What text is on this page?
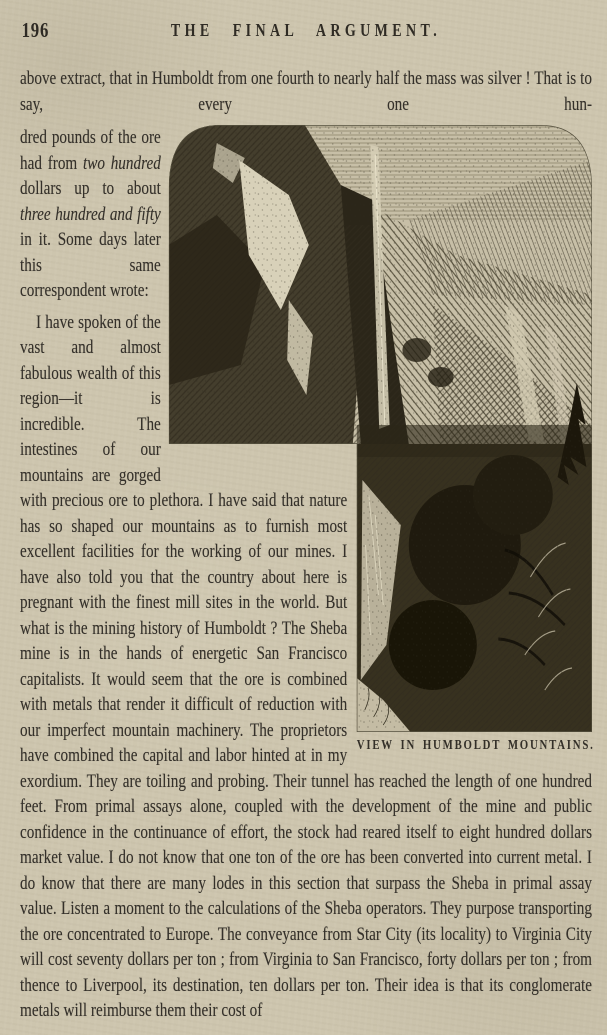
196	THE FINAL ARGUMENT.

above extract, that in Humboldt from one fourth to nearly half the mass was silver ! That is to say, every one hun-

VIEW IN HUMBOLDT MOUNTAINS.

dred pounds of the ore had from two hundred dollars up to about three hundred and fifty in it. Some days later this same correspondent wrote:

I have spoken of the vast and almost fabulous wealth of this region—it is incredible. The intestines of our mountains are gorged with precious ore to plethora. I have said that nature has so shaped our mountains as to furnish most excellent facilities for the working of our mines. I have also told you that the country about here is pregnant with the finest mill sites in the world. But what is the mining history of Humboldt ? The Sheba mine is in the hands of energetic San Francisco capitalists. It would seem that the ore is combined with metals that render it difficult of reduction with our imperfect mountain machinery. The proprietors have combined the capital and labor hinted at in my exordium. They are toiling and probing. Their tunnel has reached the length of one hundred feet. From primal assays alone, coupled with the development of the mine and public confidence in the continuance of effort, the stock had reared itself to eight hundred dollars market value. I do not know that one ton of the ore has been converted into current metal. I do know that there are many lodes in this section that surpass the Sheba in primal assay value. Listen a moment to the calculations of the Sheba operators. They purpose transporting the ore concentrated to Europe. The conveyance from Star City (its locality) to Virginia City will cost seventy dollars per ton ; from Virginia to San Francisco, forty dollars per ton ; from thence to Liverpool, its destination, ten dollars per ton. Their idea is that its conglomerate metals will reimburse them their cost of
